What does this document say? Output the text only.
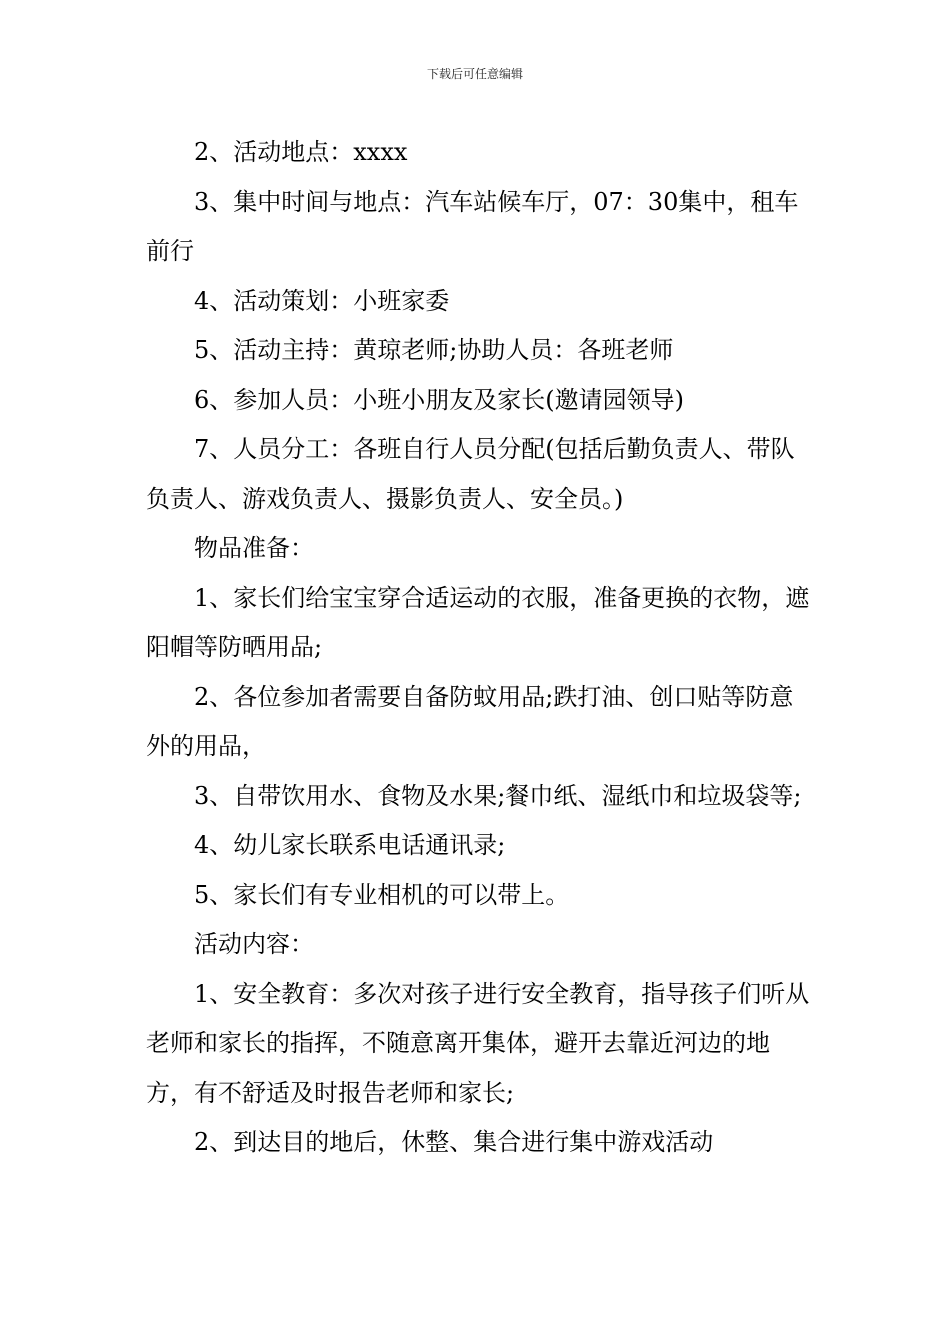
下载后可任意编辑

2、活动地点：xxxx

3、集中时间与地点：汽车站候车厅，07：30集中，租车前行

4、活动策划：小班家委

5、活动主持：黄琼老师;协助人员：各班老师

6、参加人员：小班小朋友及家长(邀请园领导)

7、人员分工：各班自行人员分配(包括后勤负责人、带队负责人、游戏负责人、摄影负责人、安全员。)

物品准备：

1、家长们给宝宝穿合适运动的衣服，准备更换的衣物，遮阳帽等防晒用品;

2、各位参加者需要自备防蚊用品;跌打油、创口贴等防意外的用品，

3、自带饮用水、食物及水果;餐巾纸、湿纸巾和垃圾袋等;

4、幼儿家长联系电话通讯录;

5、家长们有专业相机的可以带上。

活动内容：

1、安全教育：多次对孩子进行安全教育，指导孩子们听从老师和家长的指挥，不随意离开集体，避开去靠近河边的地方，有不舒适及时报告老师和家长;

2、到达目的地后，休整、集合进行集中游戏活动
